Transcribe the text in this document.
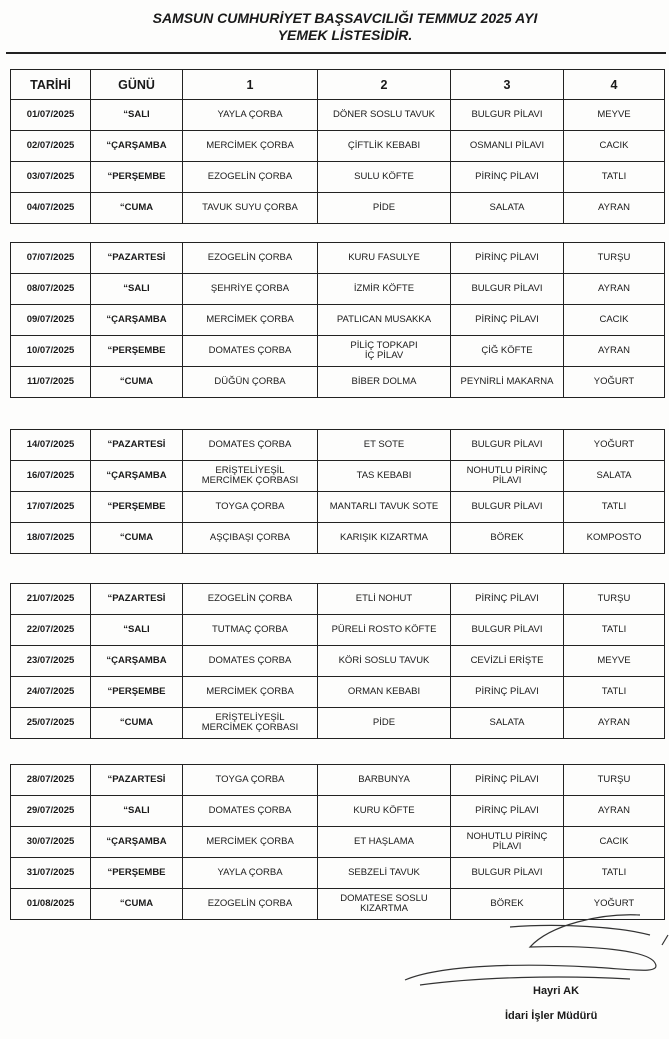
SAMSUN CUMHURİYET BAŞSAVCILIĞI TEMMUZ 2025 AYI
YEMEK LİSTESİDİR.
TARİHİ	GÜNÜ	1	2	3	4
01/07/2025	“SALI	YAYLA ÇORBA	DÖNER SOSLU TAVUK	BULGUR PİLAVI	MEYVE
02/07/2025	“ÇARŞAMBA	MERCİMEK ÇORBA	ÇİFTLİK KEBABI	OSMANLI PİLAVI	CACIK
03/07/2025	“PERŞEMBE	EZOGELİN ÇORBA	SULU KÖFTE	PİRİNÇ PİLAVI	TATLI
04/07/2025	“CUMA	TAVUK SUYU ÇORBA	PİDE	SALATA	AYRAN
07/07/2025	“PAZARTESİ	EZOGELİN ÇORBA	KURU FASULYE	PİRİNÇ PİLAVI	TURŞU
08/07/2025	“SALI	ŞEHRİYE ÇORBA	İZMİR KÖFTE	BULGUR PİLAVI	AYRAN
09/07/2025	“ÇARŞAMBA	MERCİMEK ÇORBA	PATLICAN MUSAKKA	PİRİNÇ PİLAVI	CACIK
10/07/2025	“PERŞEMBE	DOMATES ÇORBA	PİLİÇ TOPKAPI
İÇ PİLAV	ÇİĞ KÖFTE	AYRAN
11/07/2025	“CUMA	DÜĞÜN ÇORBA	BİBER DOLMA	PEYNİRLİ MAKARNA	YOĞURT
14/07/2025	“PAZARTESİ	DOMATES ÇORBA	ET SOTE	BULGUR PİLAVI	YOĞURT
16/07/2025	“ÇARŞAMBA	ERİŞTELİYEŞİL
MERCİMEK ÇORBASI	TAS KEBABI	NOHUTLU PİRİNÇ
PİLAVI	SALATA
17/07/2025	“PERŞEMBE	TOYGA ÇORBA	MANTARLI TAVUK SOTE	BULGUR PİLAVI	TATLI
18/07/2025	“CUMA	AŞÇIBAŞI ÇORBA	KARIŞIK KIZARTMA	BÖREK	KOMPOSTO
21/07/2025	“PAZARTESİ	EZOGELİN ÇORBA	ETLİ NOHUT	PİRİNÇ PİLAVI	TURŞU
22/07/2025	“SALI	TUTMAÇ ÇORBA	PÜRELİ ROSTO KÖFTE	BULGUR PİLAVI	TATLI
23/07/2025	“ÇARŞAMBA	DOMATES ÇORBA	KÖRİ SOSLU TAVUK	CEVİZLİ ERİŞTE	MEYVE
24/07/2025	“PERŞEMBE	MERCİMEK ÇORBA	ORMAN KEBABI	PİRİNÇ PİLAVI	TATLI
25/07/2025	“CUMA	ERİŞTELİYEŞİL
MERCİMEK ÇORBASI	PİDE	SALATA	AYRAN
28/07/2025	“PAZARTESİ	TOYGA ÇORBA	BARBUNYA	PİRİNÇ PİLAVI	TURŞU
29/07/2025	“SALI	DOMATES ÇORBA	KURU KÖFTE	PİRİNÇ PİLAVI	AYRAN
30/07/2025	“ÇARŞAMBA	MERCİMEK ÇORBA	ET HAŞLAMA	NOHUTLU PİRİNÇ
PİLAVI	CACIK
31/07/2025	“PERŞEMBE	YAYLA ÇORBA	SEBZELİ TAVUK	BULGUR PİLAVI	TATLI
01/08/2025	“CUMA	EZOGELİN ÇORBA	DOMATESE SOSLU
KIZARTMA	BÖREK	YOĞURT
Hayri AK
İdari İşler Müdürü
